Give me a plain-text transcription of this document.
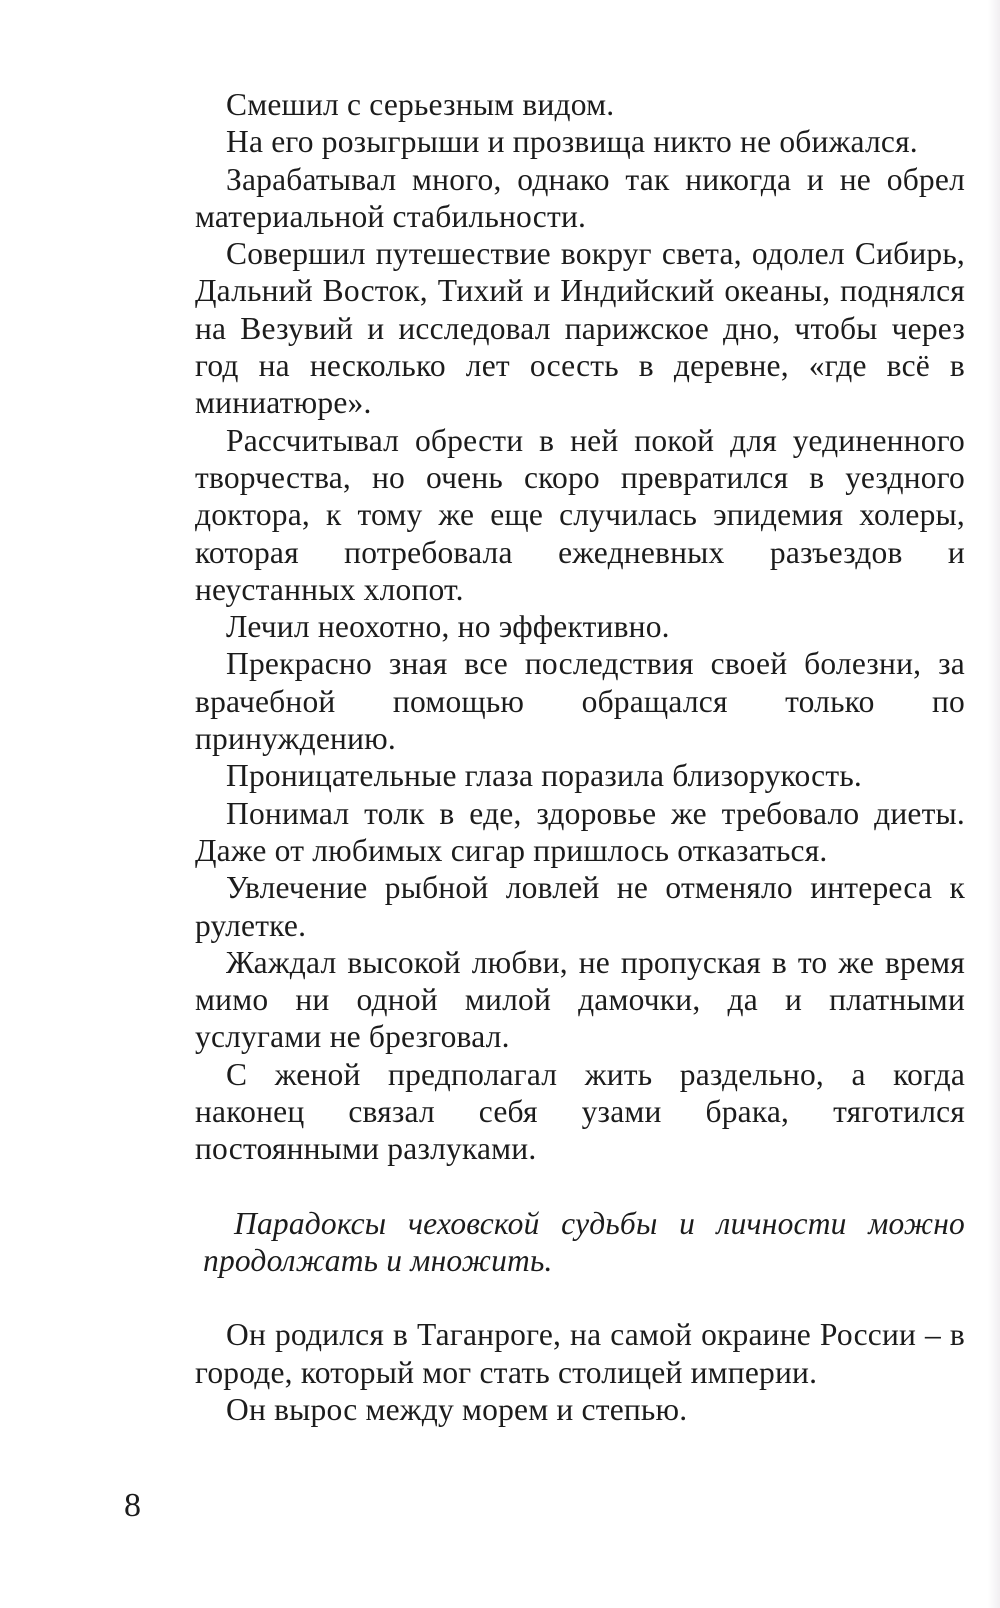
Смешил с серьезным видом.

На его розыгрыши и прозвища никто не обижался.

Зарабатывал много, однако так никогда и не обрел материальной стабильности.

Совершил путешествие вокруг света, одолел Сибирь, Дальний Восток, Тихий и Индийский океаны, поднялся на Везувий и исследовал парижское дно, чтобы через год на несколько лет осесть в деревне, «где всё в миниатюре».

Рассчитывал обрести в ней покой для уединенного творчества, но очень скоро превратился в уездного доктора, к тому же еще случилась эпидемия холеры, которая потребовала ежедневных разъездов и неустанных хлопот.

Лечил неохотно, но эффективно.

Прекрасно зная все последствия своей болезни, за врачебной помощью обращался только по принуждению.

Проницательные глаза поразила близорукость.

Понимал толк в еде, здоровье же требовало диеты. Даже от любимых сигар пришлось отказаться.

Увлечение рыбной ловлей не отменяло интереса к рулетке.

Жаждал высокой любви, не пропуская в то же время мимо ни одной милой дамочки, да и платными услугами не брезговал.

С женой предполагал жить раздельно, а когда наконец связал себя узами брака, тяготился постоянными разлуками.

Парадоксы чеховской судьбы и личности можно продолжать и множить.

Он родился в Таганроге, на самой окраине России – в городе, который мог стать столицей империи.

Он вырос между морем и степью.

8
